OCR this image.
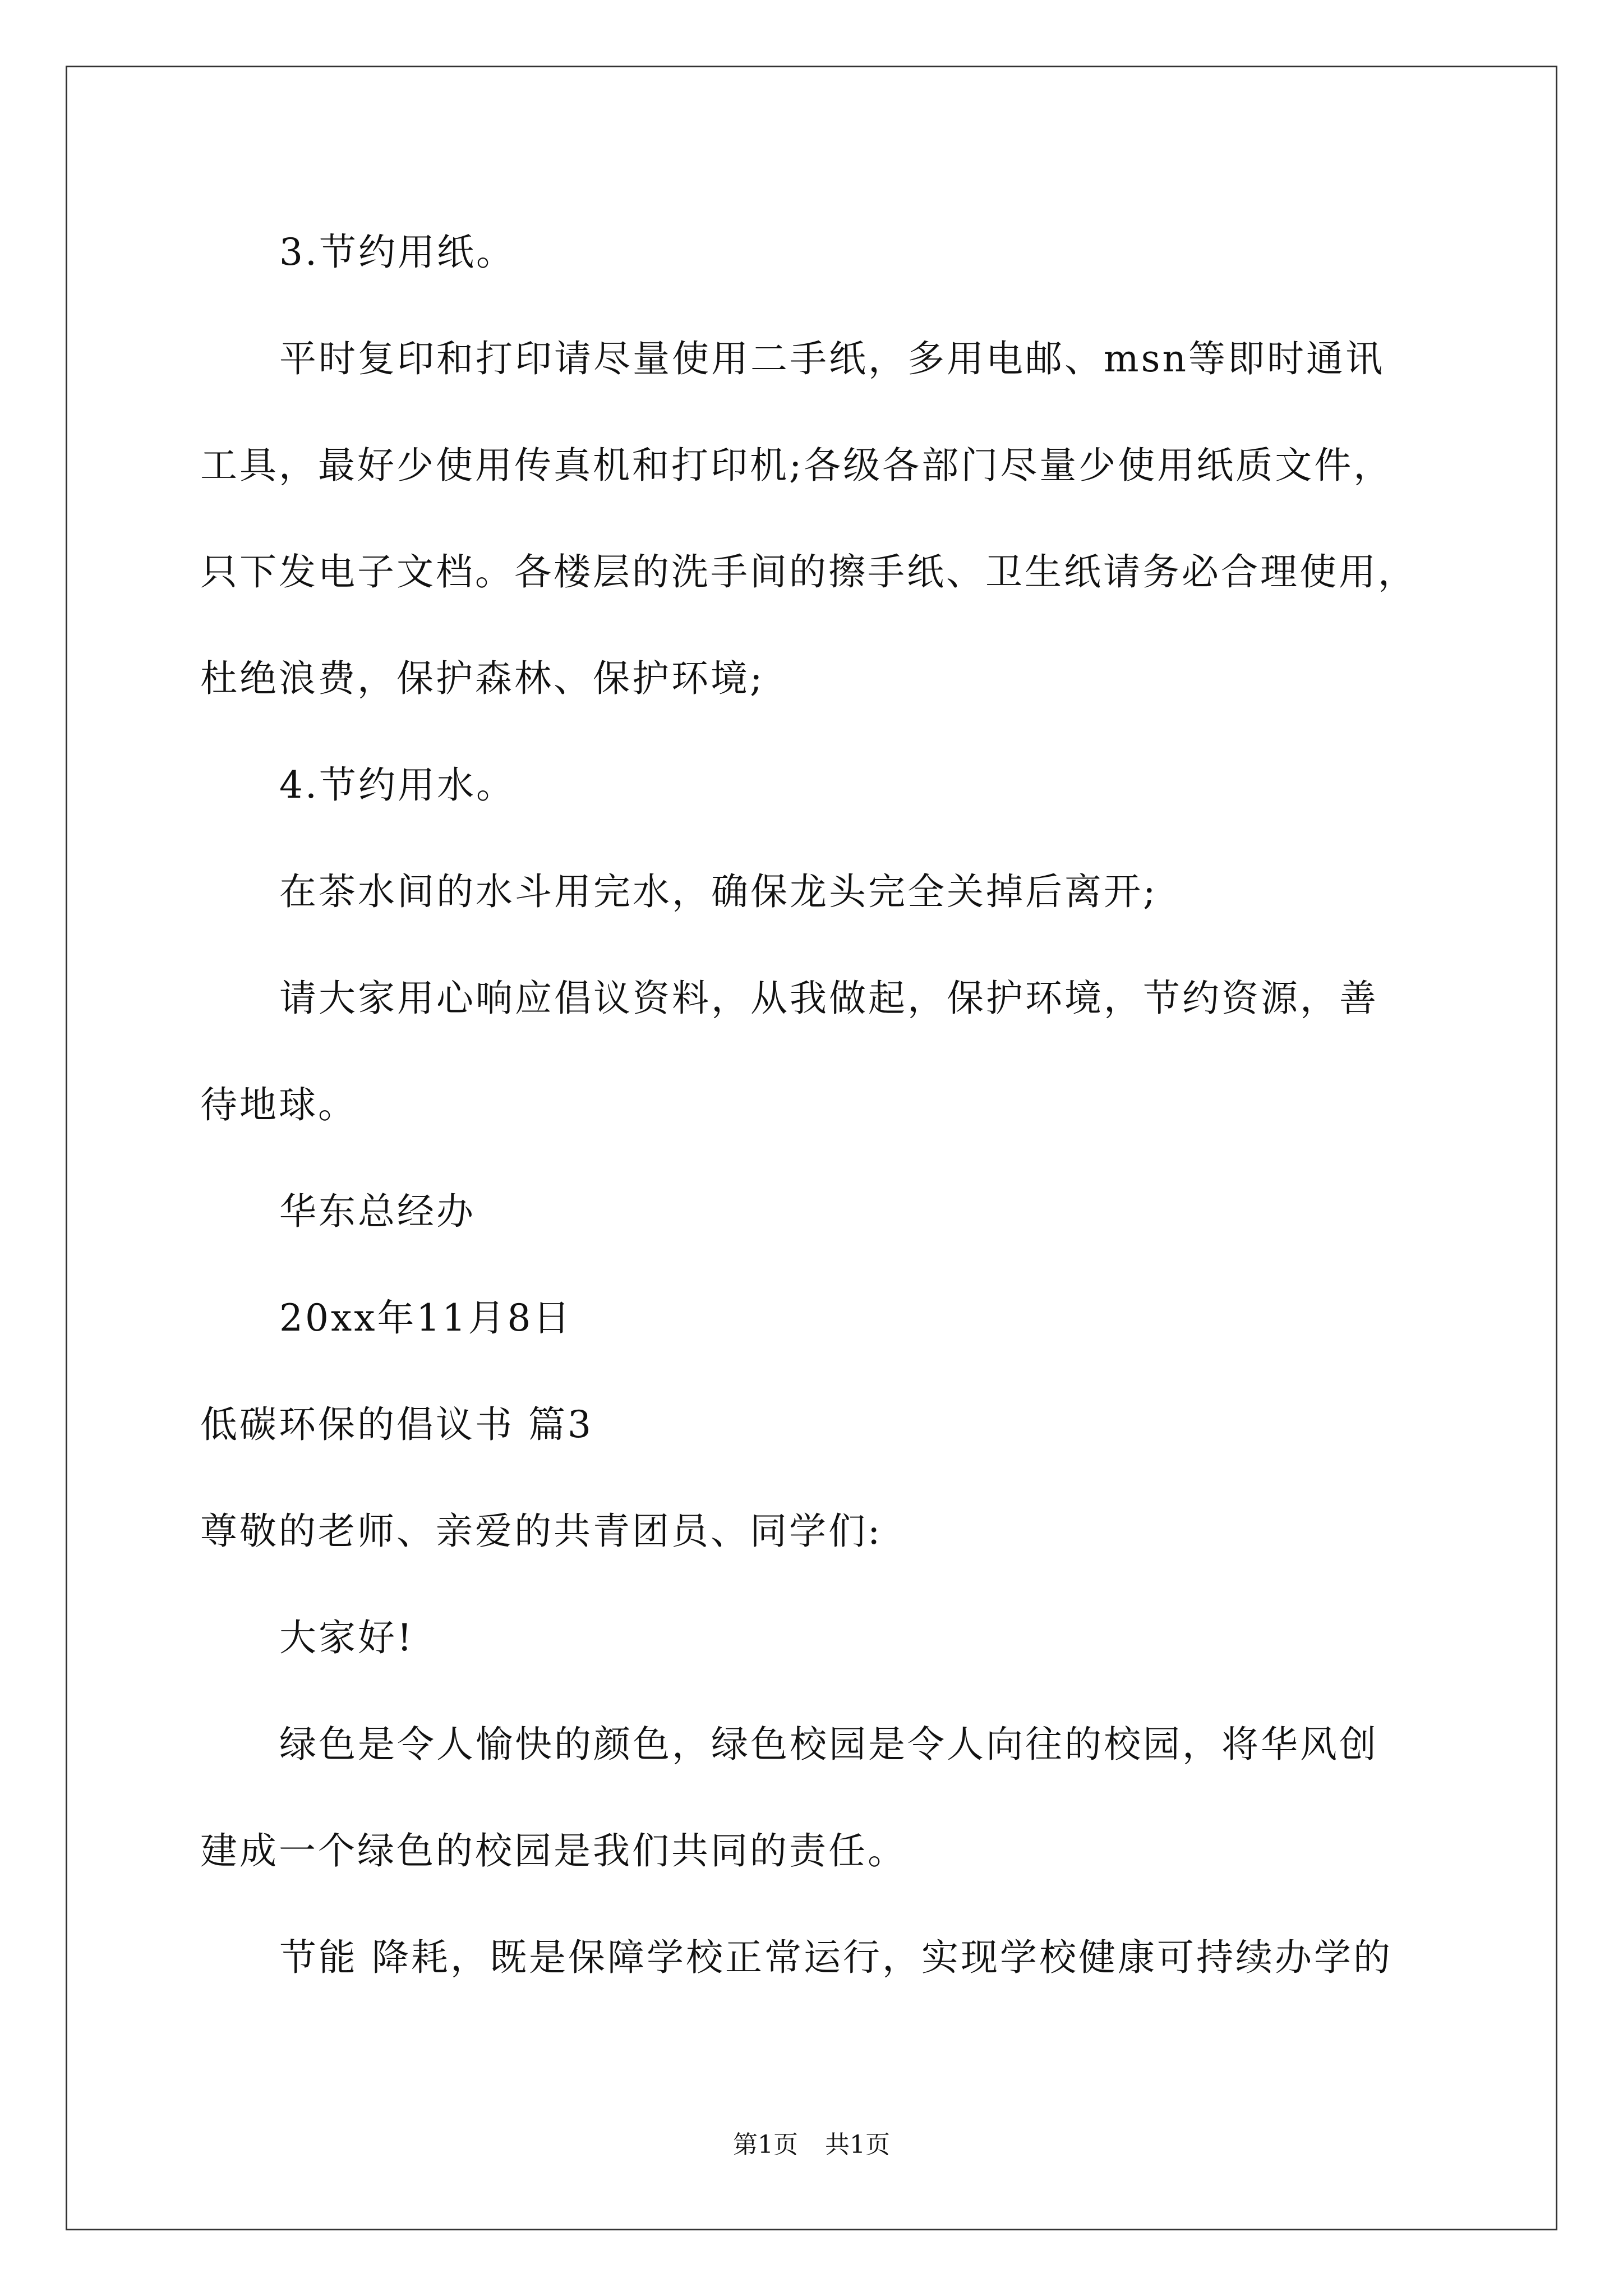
3.节约用纸。
平时复印和打印请尽量使用二手纸，多用电邮、msn等即时通讯
工具，最好少使用传真机和打印机;各级各部门尽量少使用纸质文件，
只下发电子文档。各楼层的洗手间的擦手纸、卫生纸请务必合理使用，
杜绝浪费，保护森林、保护环境;
4.节约用水。
在茶水间的水斗用完水，确保龙头完全关掉后离开;
请大家用心响应倡议资料，从我做起，保护环境，节约资源，善
待地球。
华东总经办
20xx年11月8日
低碳环保的倡议书 篇3
尊敬的老师、亲爱的共青团员、同学们:
大家好!
绿色是令人愉快的颜色，绿色校园是令人向往的校园，将华风创
建成一个绿色的校园是我们共同的责任。
节能 降耗，既是保障学校正常运行，实现学校健康可持续办学的
第1页 共1页
